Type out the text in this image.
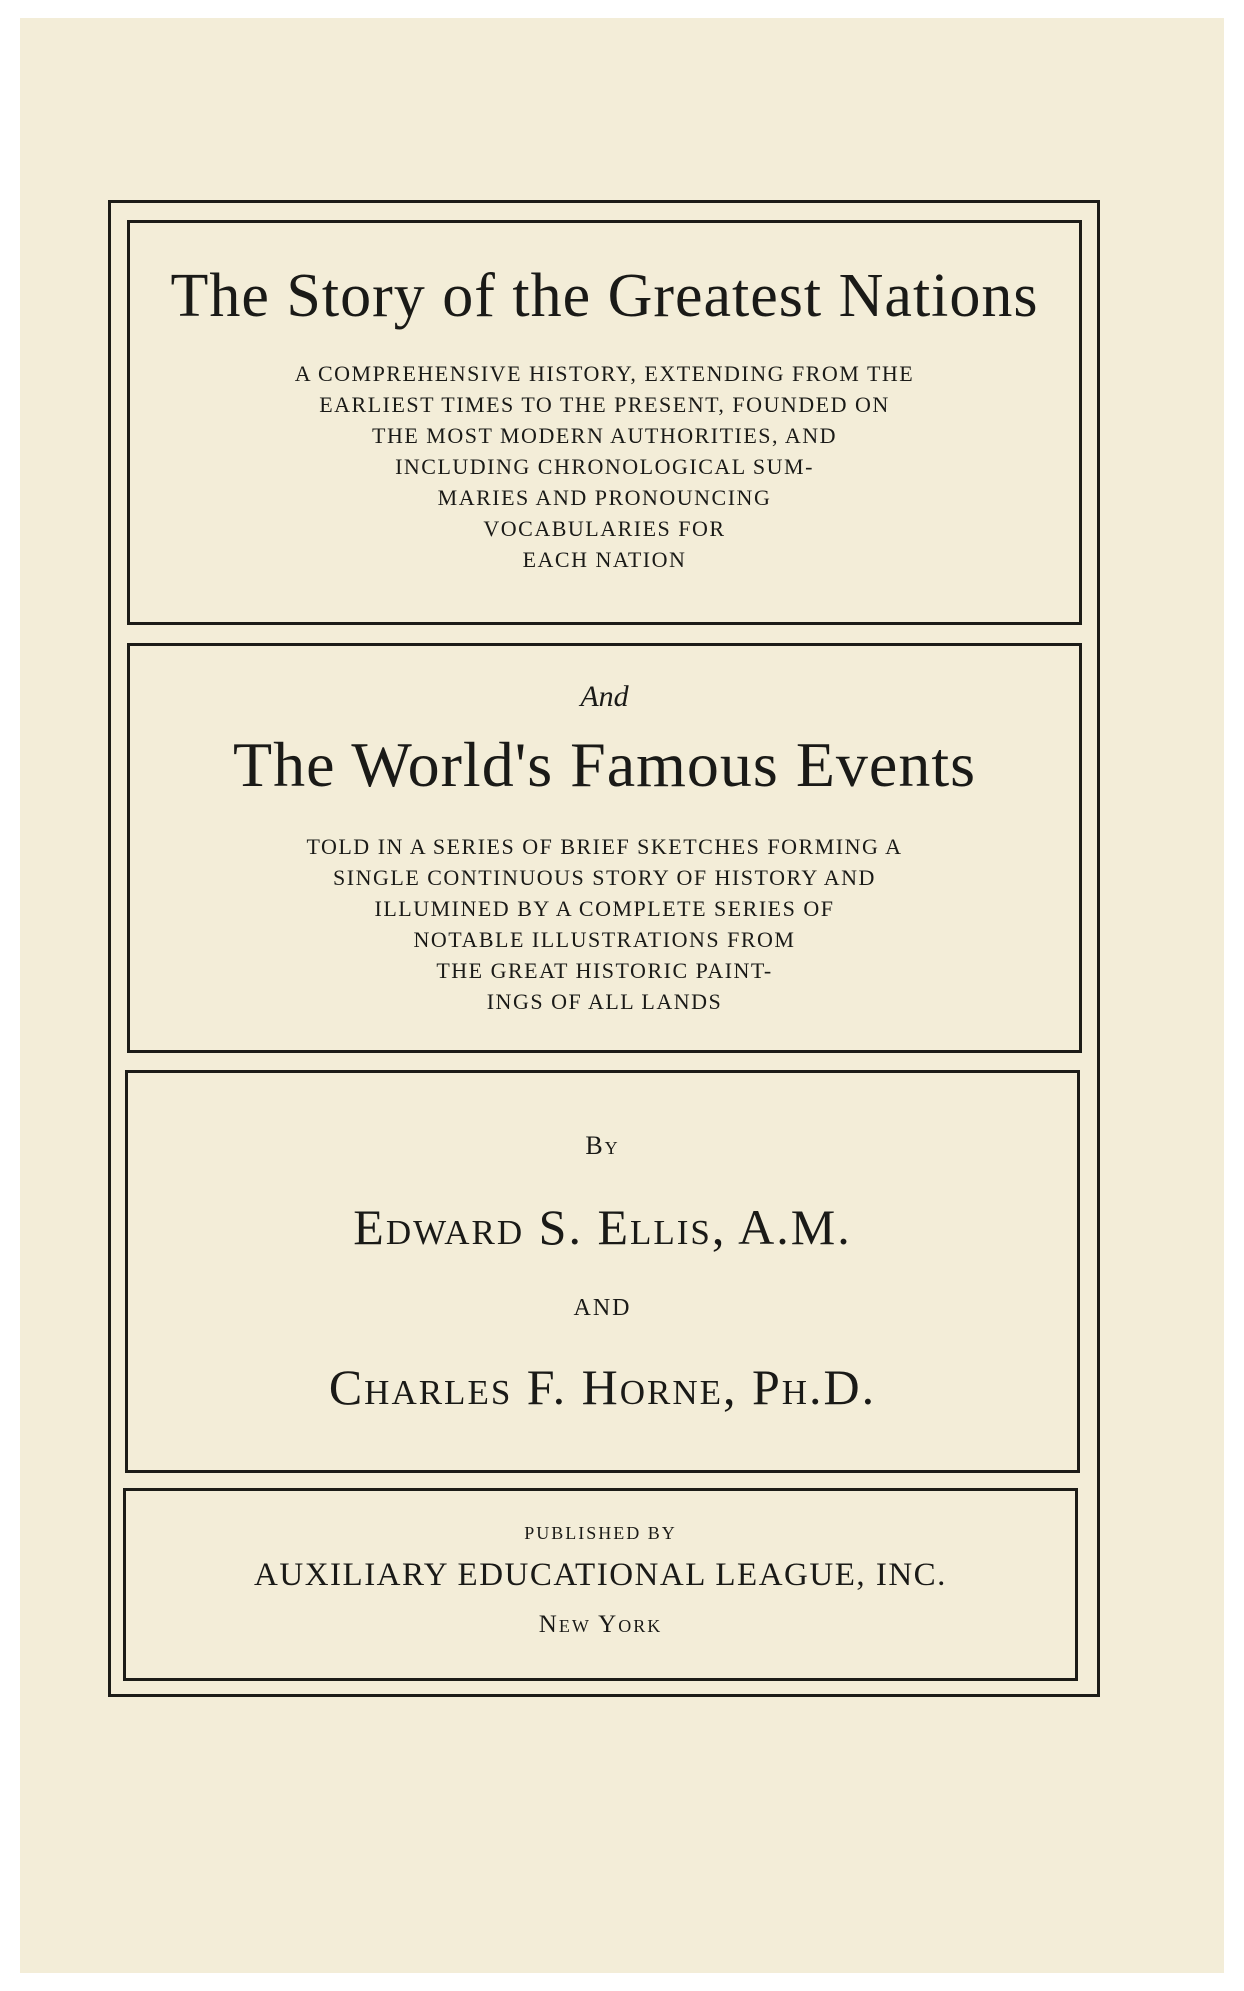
The Story of the Greatest Nations
A COMPREHENSIVE HISTORY, EXTENDING FROM THE
EARLIEST TIMES TO THE PRESENT, FOUNDED ON
THE MOST MODERN AUTHORITIES, AND
INCLUDING CHRONOLOGICAL SUM-
MARIES AND PRONOUNCING
VOCABULARIES FOR
EACH NATION
And
The World's Famous Events
TOLD IN A SERIES OF BRIEF SKETCHES FORMING A
SINGLE CONTINUOUS STORY OF HISTORY AND
ILLUMINED BY A COMPLETE SERIES OF
NOTABLE ILLUSTRATIONS FROM
THE GREAT HISTORIC PAINT-
INGS OF ALL LANDS
By
Edward S. Ellis, A.M.
AND
Charles F. Horne, Ph.D.
PUBLISHED BY
AUXILIARY EDUCATIONAL LEAGUE, INC.
New York
